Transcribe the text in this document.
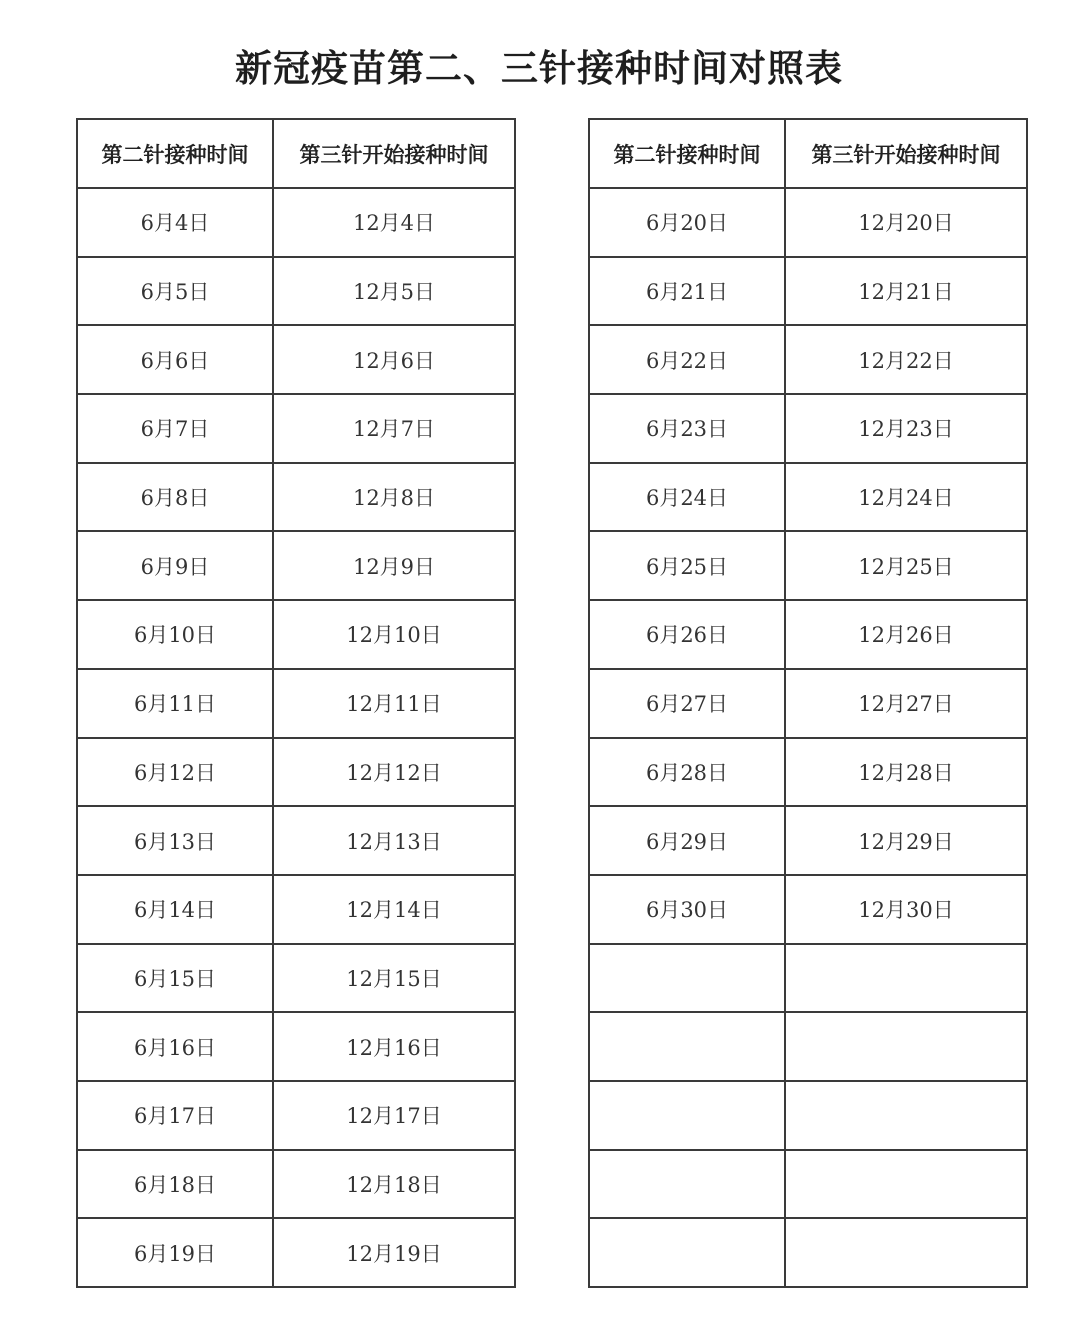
新冠疫苗第二、三针接种时间对照表
第二针接种时间	第三针开始接种时间
6月4日	12月4日
6月5日	12月5日
6月6日	12月6日
6月7日	12月7日
6月8日	12月8日
6月9日	12月9日
6月10日	12月10日
6月11日	12月11日
6月12日	12月12日
6月13日	12月13日
6月14日	12月14日
6月15日	12月15日
6月16日	12月16日
6月17日	12月17日
6月18日	12月18日
6月19日	12月19日
第二针接种时间	第三针开始接种时间
6月20日	12月20日
6月21日	12月21日
6月22日	12月22日
6月23日	12月23日
6月24日	12月24日
6月25日	12月25日
6月26日	12月26日
6月27日	12月27日
6月28日	12月28日
6月29日	12月29日
6月30日	12月30日
